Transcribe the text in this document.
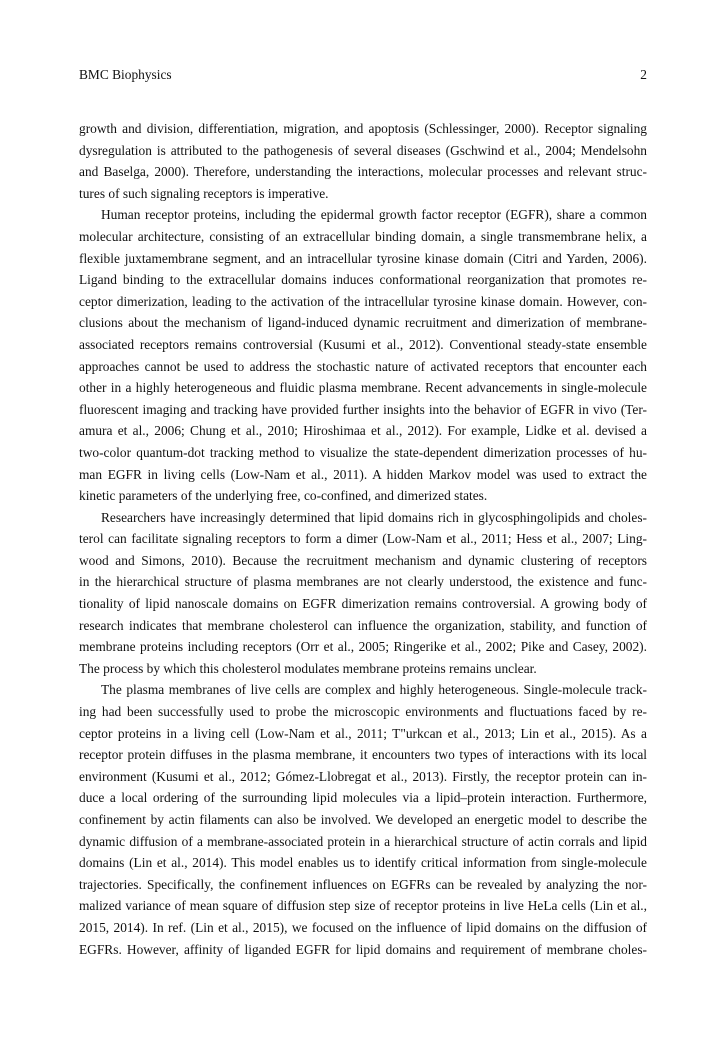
BMC Biophysics	2
growth and division, differentiation, migration, and apoptosis (Schlessinger, 2000). Receptor signaling
dysregulation is attributed to the pathogenesis of several diseases (Gschwind et al., 2004; Mendelsohn
and Baselga, 2000). Therefore, understanding the interactions, molecular processes and relevant struc-
tures of such signaling receptors is imperative.
Human receptor proteins, including the epidermal growth factor receptor (EGFR), share a common
molecular architecture, consisting of an extracellular binding domain, a single transmembrane helix, a
flexible juxtamembrane segment, and an intracellular tyrosine kinase domain (Citri and Yarden, 2006).
Ligand binding to the extracellular domains induces conformational reorganization that promotes re-
ceptor dimerization, leading to the activation of the intracellular tyrosine kinase domain. However, con-
clusions about the mechanism of ligand-induced dynamic recruitment and dimerization of membrane-
associated receptors remains controversial (Kusumi et al., 2012). Conventional steady-state ensemble
approaches cannot be used to address the stochastic nature of activated receptors that encounter each
other in a highly heterogeneous and fluidic plasma membrane. Recent advancements in single-molecule
fluorescent imaging and tracking have provided further insights into the behavior of EGFR in vivo (Ter-
amura et al., 2006; Chung et al., 2010; Hiroshimaa et al., 2012). For example, Lidke et al. devised a
two-color quantum-dot tracking method to visualize the state-dependent dimerization processes of hu-
man EGFR in living cells (Low-Nam et al., 2011). A hidden Markov model was used to extract the
kinetic parameters of the underlying free, co-confined, and dimerized states.
Researchers have increasingly determined that lipid domains rich in glycosphingolipids and choles-
terol can facilitate signaling receptors to form a dimer (Low-Nam et al., 2011; Hess et al., 2007; Ling-
wood and Simons, 2010). Because the recruitment mechanism and dynamic clustering of receptors
in the hierarchical structure of plasma membranes are not clearly understood, the existence and func-
tionality of lipid nanoscale domains on EGFR dimerization remains controversial. A growing body of
research indicates that membrane cholesterol can influence the organization, stability, and function of
membrane proteins including receptors (Orr et al., 2005; Ringerike et al., 2002; Pike and Casey, 2002).
The process by which this cholesterol modulates membrane proteins remains unclear.
The plasma membranes of live cells are complex and highly heterogeneous. Single-molecule track-
ing had been successfully used to probe the microscopic environments and fluctuations faced by re-
ceptor proteins in a living cell (Low-Nam et al., 2011; T"urkcan et al., 2013; Lin et al., 2015). As a
receptor protein diffuses in the plasma membrane, it encounters two types of interactions with its local
environment (Kusumi et al., 2012; Gómez-Llobregat et al., 2013). Firstly, the receptor protein can in-
duce a local ordering of the surrounding lipid molecules via a lipid–protein interaction. Furthermore,
confinement by actin filaments can also be involved. We developed an energetic model to describe the
dynamic diffusion of a membrane-associated protein in a hierarchical structure of actin corrals and lipid
domains (Lin et al., 2014). This model enables us to identify critical information from single-molecule
trajectories. Specifically, the confinement influences on EGFRs can be revealed by analyzing the nor-
malized variance of mean square of diffusion step size of receptor proteins in live HeLa cells (Lin et al.,
2015, 2014). In ref. (Lin et al., 2015), we focused on the influence of lipid domains on the diffusion of
EGFRs. However, affinity of liganded EGFR for lipid domains and requirement of membrane choles-
